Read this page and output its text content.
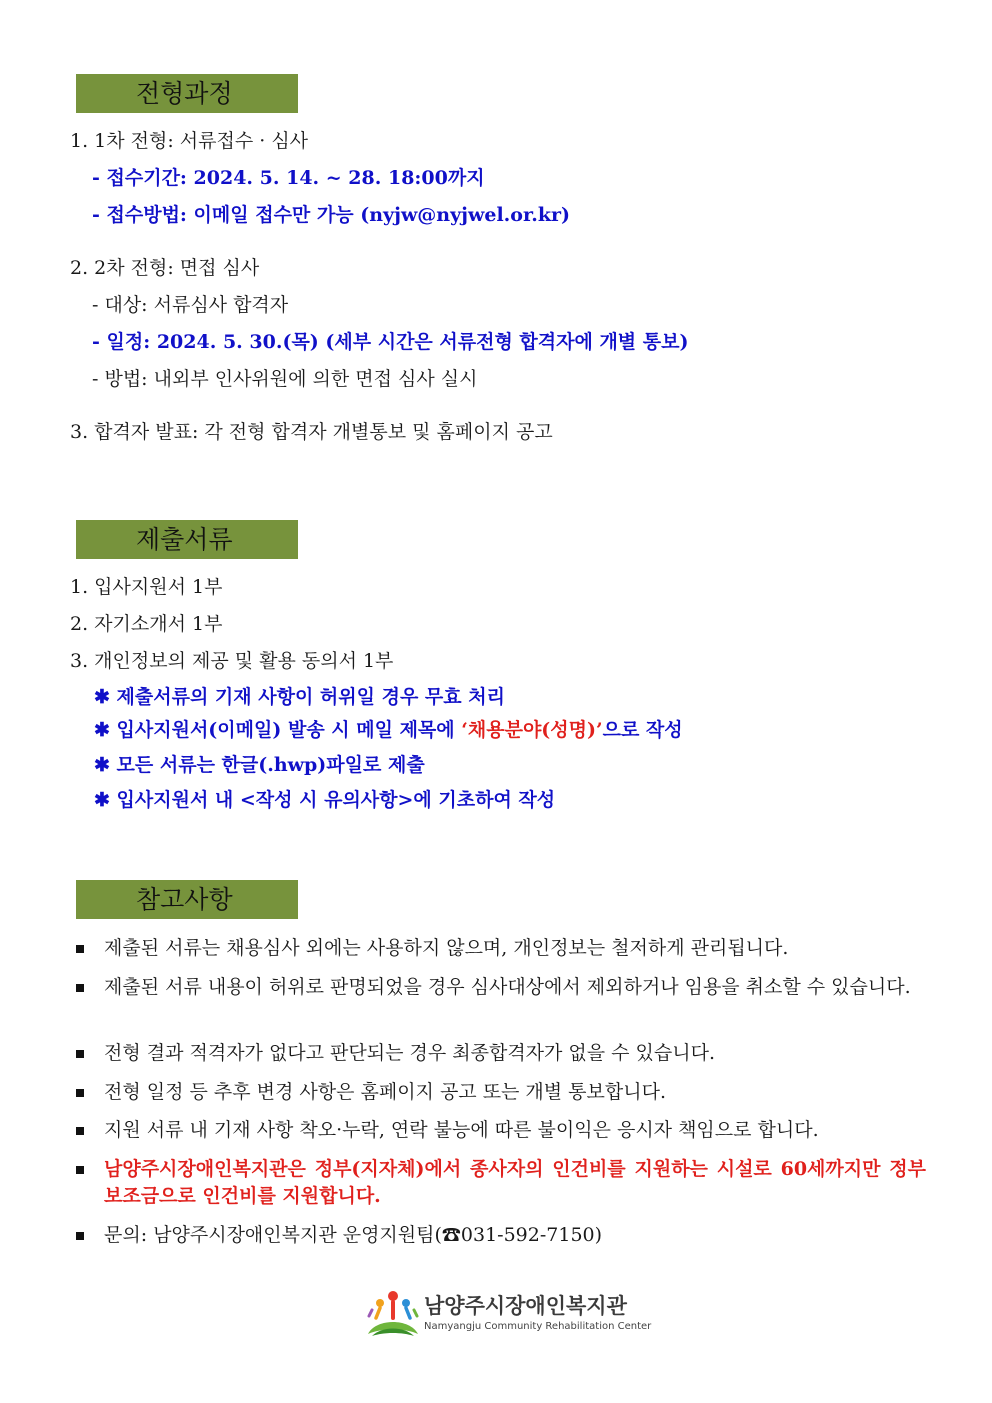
전형과정
1. 1차 전형: 서류접수 · 심사
- 접수기간: 2024. 5. 14. ~ 28. 18:00까지
- 접수방법: 이메일 접수만 가능 (nyjw@nyjwel.or.kr)
2. 2차 전형: 면접 심사
- 대상: 서류심사 합격자
- 일정: 2024. 5. 30.(목) (세부 시간은 서류전형 합격자에 개별 통보)
- 방법: 내외부 인사위원에 의한 면접 심사 실시
3. 합격자 발표: 각 전형 합격자 개별통보 및 홈페이지 공고
제출서류
1. 입사지원서 1부
2. 자기소개서 1부
3. 개인정보의 제공 및 활용 동의서 1부
✱ 제출서류의 기재 사항이 허위일 경우 무효 처리
✱ 입사지원서(이메일) 발송 시 메일 제목에 ‘채용분야(성명)’으로 작성
✱ 모든 서류는 한글(.hwp)파일로 제출
✱ 입사지원서 내 <작성 시 유의사항>에 기초하여 작성
참고사항
제출된 서류는 채용심사 외에는 사용하지 않으며, 개인정보는 철저하게 관리됩니다.
제출된 서류 내용이 허위로 판명되었을 경우 심사대상에서 제외하거나 임용을 취소할 수 있습니다.
전형 결과 적격자가 없다고 판단되는 경우 최종합격자가 없을 수 있습니다.
전형 일정 등 추후 변경 사항은 홈페이지 공고 또는 개별 통보합니다.
지원 서류 내 기재 사항 착오·누락, 연락 불능에 따른 불이익은 응시자 책임으로 합니다.
남양주시장애인복지관은 정부(지자체)에서 종사자의 인건비를 지원하는 시설로 60세까지만 정부 보조금으로 인건비를 지원합니다.
문의: 남양주시장애인복지관 운영지원팀(☎031-592-7150)
남양주시장애인복지관
Namyangju Community Rehabilitation Center
